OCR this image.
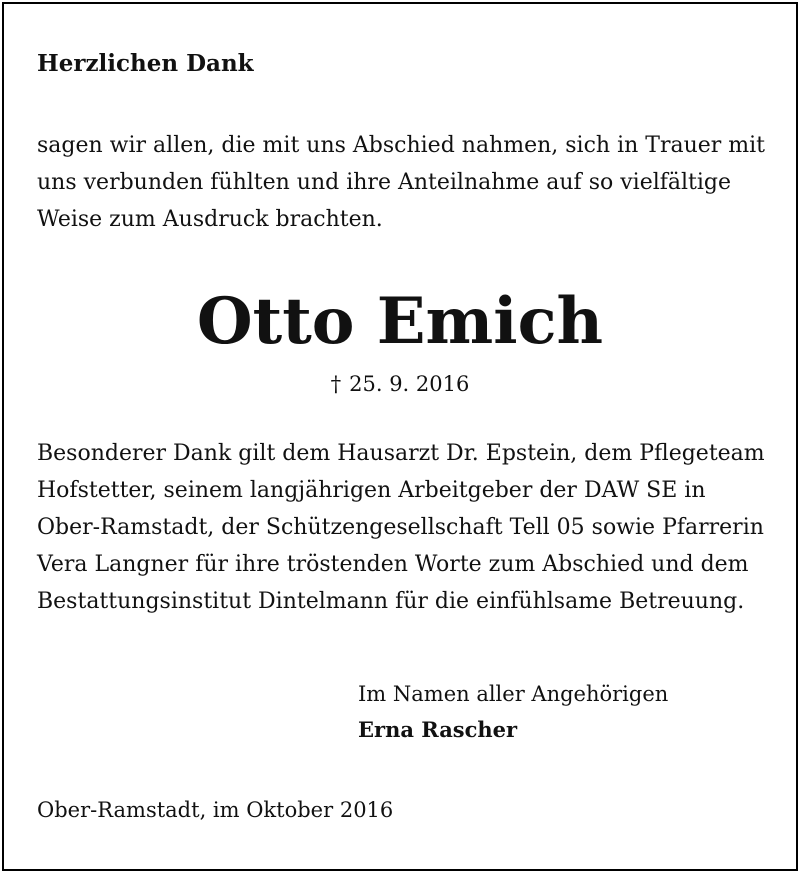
Herzlichen Dank

sagen wir allen, die mit uns Abschied nahmen, sich in Trauer mit
uns verbunden fühlten und ihre Anteilnahme auf so vielfältige
Weise zum Ausdruck brachten.

Otto Emich

† 25. 9. 2016

Besonderer Dank gilt dem Hausarzt Dr. Epstein, dem Pflegeteam
Hofstetter, seinem langjährigen Arbeitgeber der DAW SE in
Ober-Ramstadt, der Schützengesellschaft Tell 05 sowie Pfarrerin
Vera Langner für ihre tröstenden Worte zum Abschied und dem
Bestattungsinstitut Dintelmann für die einfühlsame Betreuung.

Im Namen aller Angehörigen
Erna Rascher

Ober-Ramstadt, im Oktober 2016
